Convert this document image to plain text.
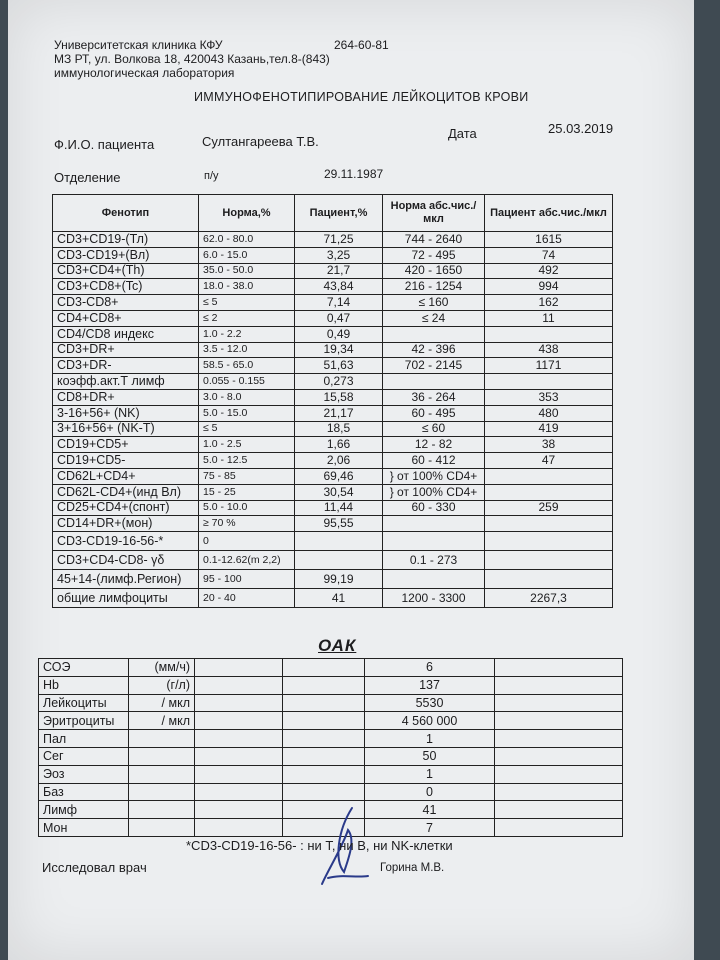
Университетская клиника КФУ
МЗ РТ, ул. Волкова 18, 420043 Казань,тел.8-(843)
иммунологическая лаборатория
264-60-81
ИММУНОФЕНОТИПИРОВАНИЕ ЛЕЙКОЦИТОВ КРОВИ
Ф.И.О. пациента	Султангареева Т.В.
Дата	25.03.2019
Отделение	п/у	29.11.1987
Фенотип	Норма,%	Пациент,%	Норма абс.чис./мкл	Пациент абс.чис./мкл
CD3+CD19-(Тл)	62.0 - 80.0	71,25	744 - 2640	1615
CD3-CD19+(Вл)	6.0 - 15.0	3,25	72 - 495	74
CD3+CD4+(Th)	35.0 - 50.0	21,7	420 - 1650	492
CD3+CD8+(Tc)	18.0 - 38.0	43,84	216 - 1254	994
CD3-CD8+	≤ 5	7,14	≤ 160	162
CD4+CD8+	≤ 2	0,47	≤ 24	11
CD4/CD8 индекс	1.0 - 2.2	0,49		
CD3+DR+	3.5 - 12.0	19,34	42 - 396	438
CD3+DR-	58.5 - 65.0	51,63	702 - 2145	1171
коэфф.акт.Т лимф	0.055 - 0.155	0,273		
CD8+DR+	3.0 - 8.0	15,58	36 - 264	353
3-16+56+ (NK)	5.0 - 15.0	21,17	60 - 495	480
3+16+56+ (NK-T)	≤ 5	18,5	≤ 60	419
CD19+CD5+	1.0 - 2.5	1,66	12 - 82	38
CD19+CD5-	5.0 - 12.5	2,06	60 - 412	47
CD62L+CD4+	75 - 85	69,46	} от 100% CD4+	
CD62L-CD4+(инд Вл)	15 - 25	30,54	} от 100% CD4+	
CD25+CD4+(спонт)	5.0 - 10.0	11,44	60 - 330	259
CD14+DR+(мон)	≥ 70 %	95,55		
CD3-CD19-16-56-*	0			
CD3+CD4-CD8- γδ	0.1-12.62(m 2,2)		0.1 - 273	
45+14-(лимф.Регион)	95 - 100	99,19		
общие лимфоциты	20 - 40	41	1200 - 3300	2267,3
ОАК
СОЭ	(мм/ч)			6	
Hb	(г/л)			137	
Лейкоциты	/ мкл			5530	
Эритроциты	/ мкл			4 560 000	
Пал				1	
Сег				50	
Эоз				1	
Баз				0	
Лимф				41	
Мон				7	
*CD3-CD19-16-56- : ни Т, ни В, ни NK-клетки
Исследовал врач	Горина М.В.
